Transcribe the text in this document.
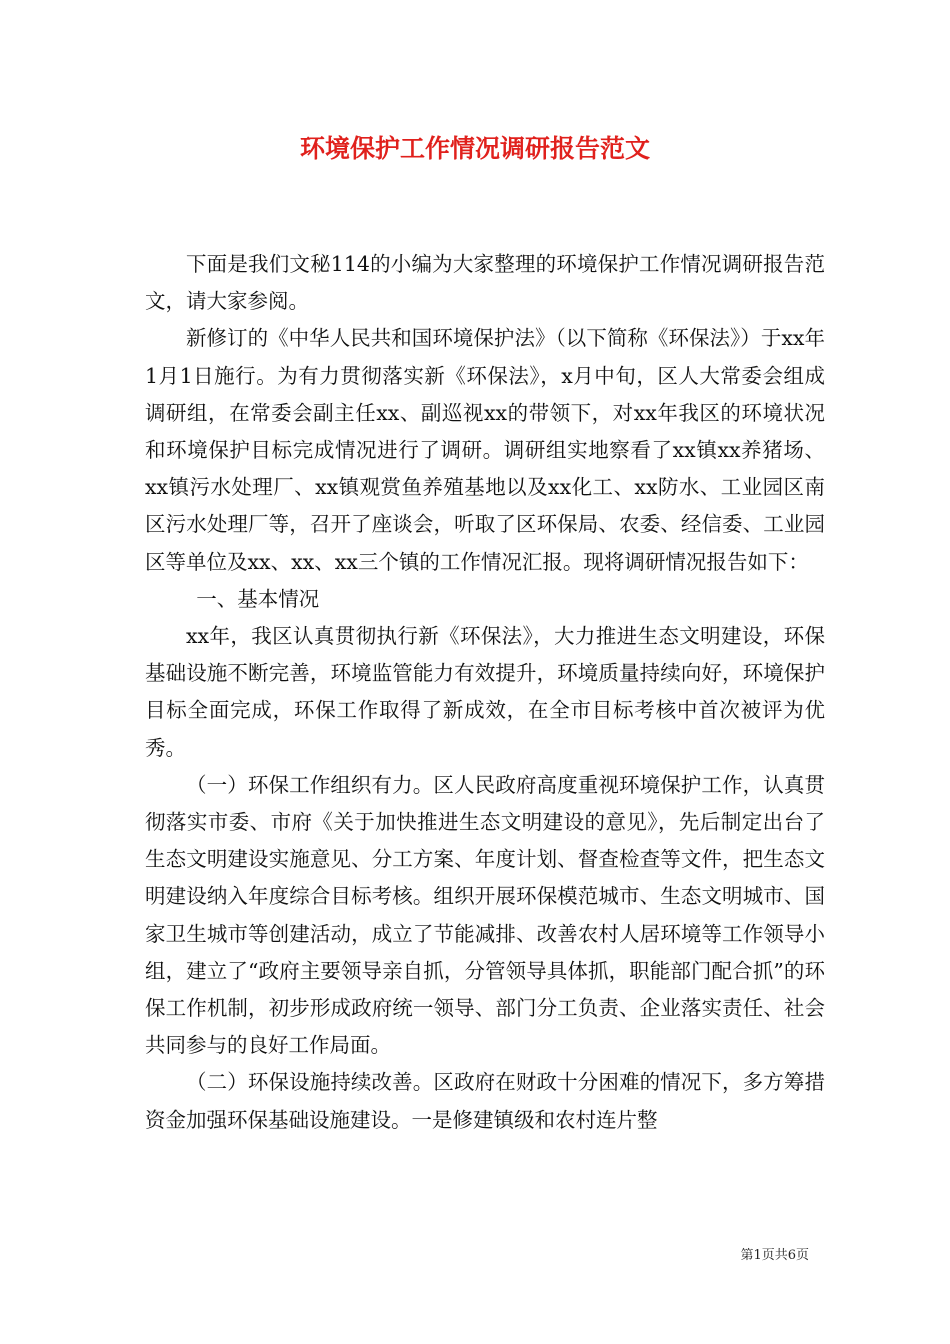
环境保护工作情况调研报告范文

下面是我们文秘114的小编为大家整理的环境保护工作情况调研报告范文，请大家参阅。

新修订的《中华人民共和国环境保护法》（以下简称《环保法》）于xx年1月1日施行。为有力贯彻落实新《环保法》，x月中旬，区人大常委会组成调研组，在常委会副主任xx、副巡视xx的带领下，对xx年我区的环境状况和环境保护目标完成情况进行了调研。调研组实地察看了xx镇xx养猪场、xx镇污水处理厂、xx镇观赏鱼养殖基地以及xx化工、xx防水、工业园区南区污水处理厂等，召开了座谈会，听取了区环保局、农委、经信委、工业园区等单位及xx、xx、xx三个镇的工作情况汇报。现将调研情况报告如下：

一、基本情况

xx年，我区认真贯彻执行新《环保法》，大力推进生态文明建设，环保基础设施不断完善，环境监管能力有效提升，环境质量持续向好，环境保护目标全面完成，环保工作取得了新成效，在全市目标考核中首次被评为优秀。

（一）环保工作组织有力。区人民政府高度重视环境保护工作，认真贯彻落实市委、市府《关于加快推进生态文明建设的意见》，先后制定出台了生态文明建设实施意见、分工方案、年度计划、督查检查等文件，把生态文明建设纳入年度综合目标考核。组织开展环保模范城市、生态文明城市、国家卫生城市等创建活动，成立了节能减排、改善农村人居环境等工作领导小组，建立了“政府主要领导亲自抓，分管领导具体抓，职能部门配合抓”的环保工作机制，初步形成政府统一领导、部门分工负责、企业落实责任、社会共同参与的良好工作局面。

（二）环保设施持续改善。区政府在财政十分困难的情况下，多方筹措资金加强环保基础设施建设。一是修建镇级和农村连片整

第1页共6页
